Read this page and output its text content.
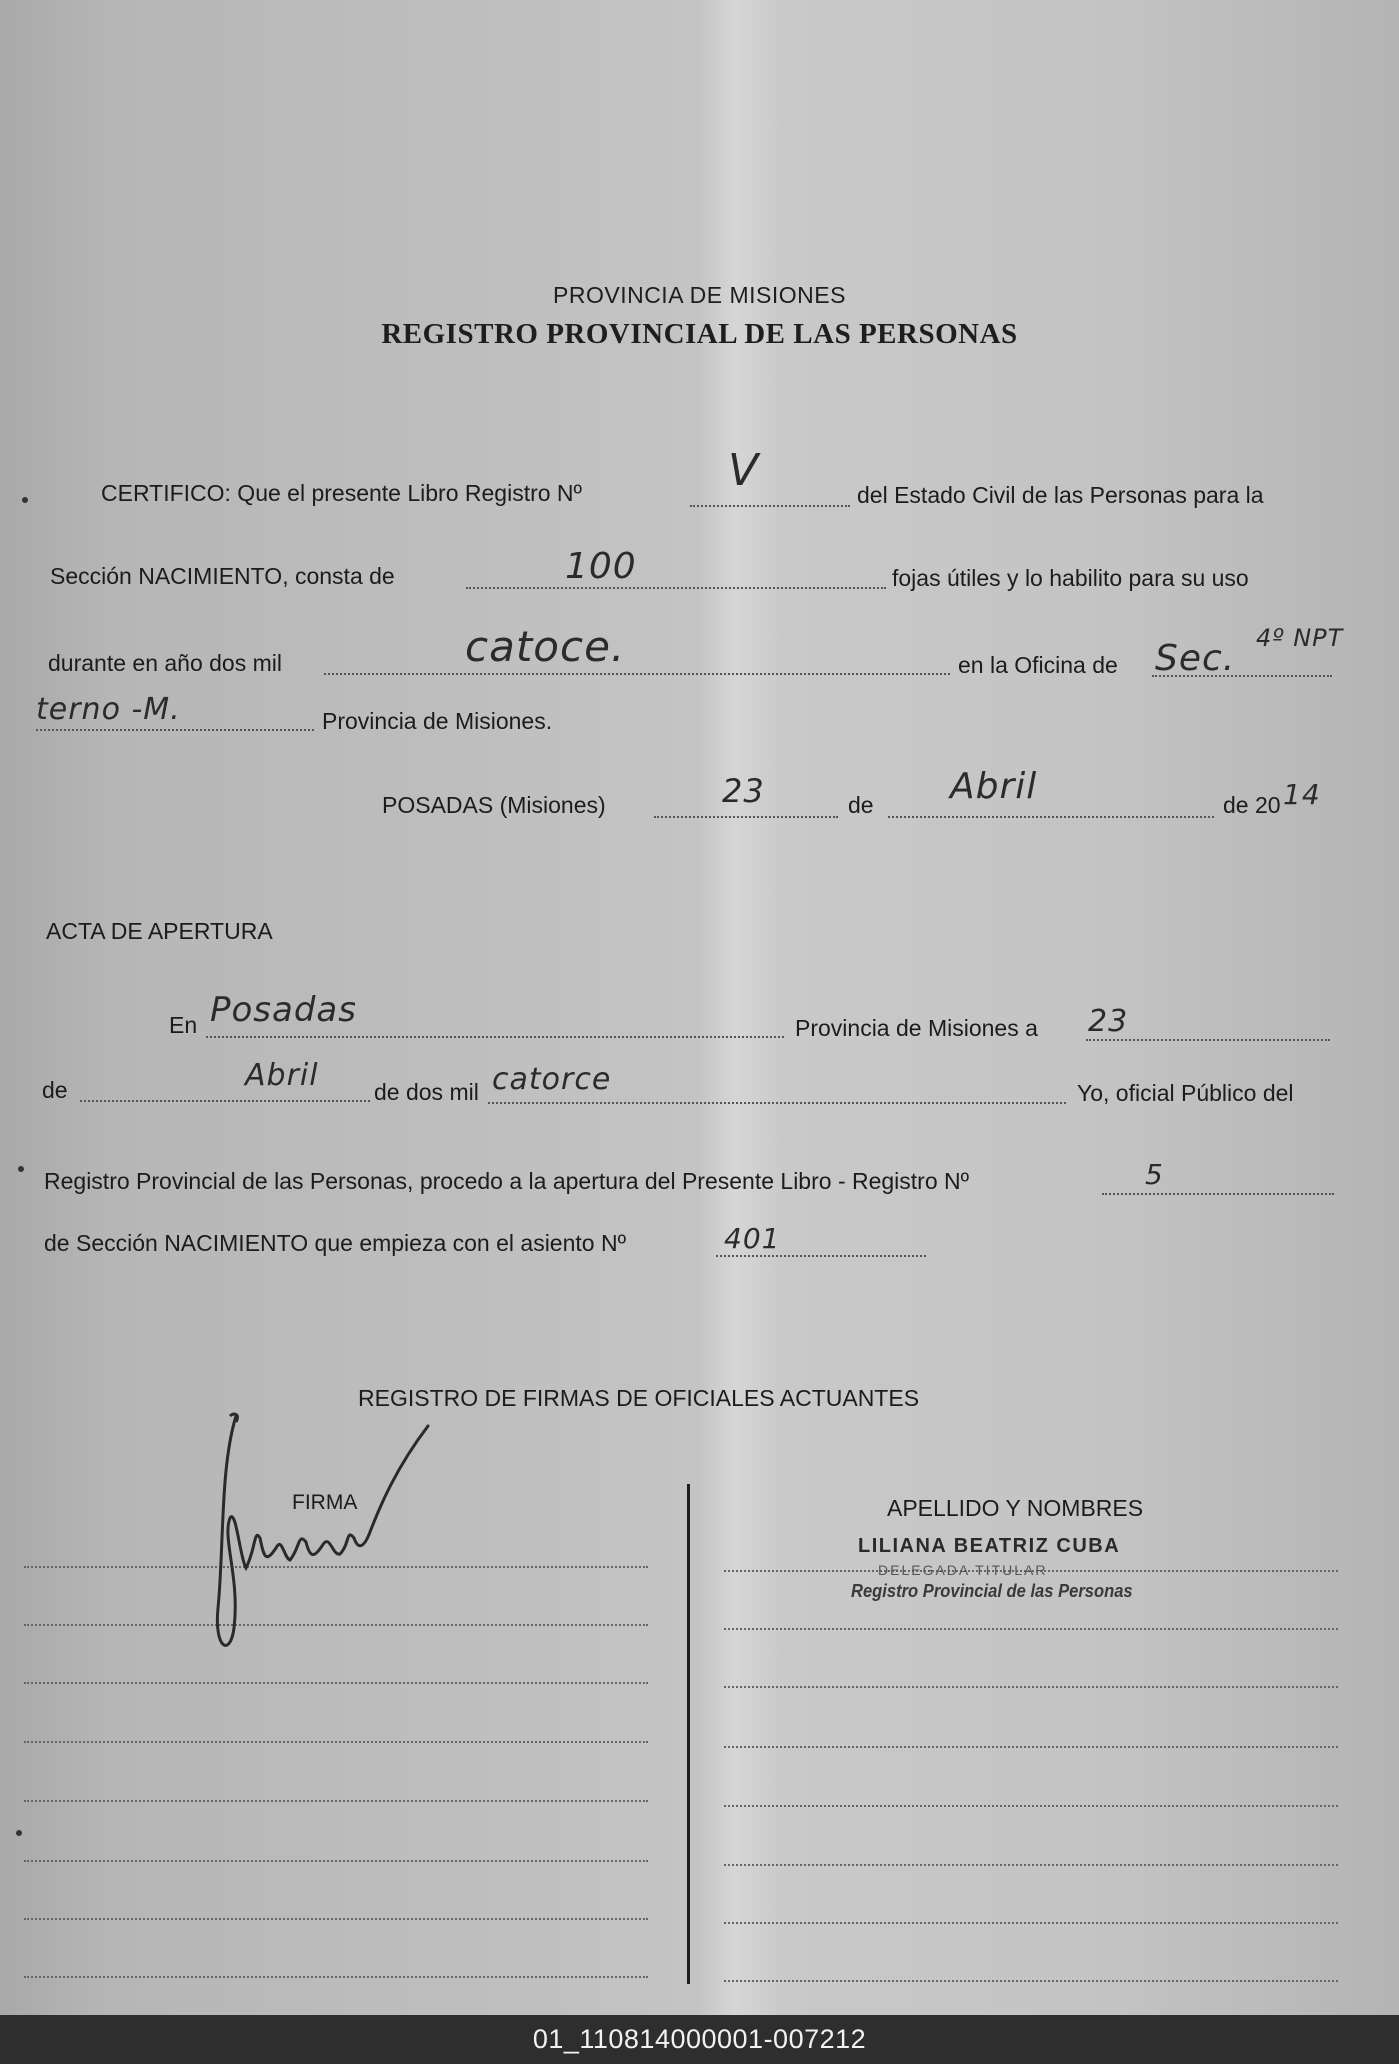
PROVINCIA DE MISIONES
REGISTRO PROVINCIAL DE LAS PERSONAS
CERTIFICO: Que el presente Libro Registro Nº	V	del Estado Civil de las Personas para la
Sección NACIMIENTO, consta de	100	fojas útiles y lo habilito para su uso
durante en año dos mil	catoce.	en la Oficina de Sec. 4º NPT
terno -M.	Provincia de Misiones.
POSADAS (Misiones)	23	de Abril	de 20 14
ACTA DE APERTURA
En Posadas	Provincia de Misiones a 23
de	Abril de dos mil catorce	Yo, oficial Público del
Registro Provincial de las Personas, procedo a la apertura del Presente Libro - Registro Nº	5
de Sección NACIMIENTO que empieza con el asiento Nº	401
REGISTRO DE FIRMAS DE OFICIALES ACTUANTES
FIRMA	APELLIDO Y NOMBRES
LILIANA BEATRIZ CUBA
DELEGADA TITULAR
Registro Provincial de las Personas
01_110814000001-007212
